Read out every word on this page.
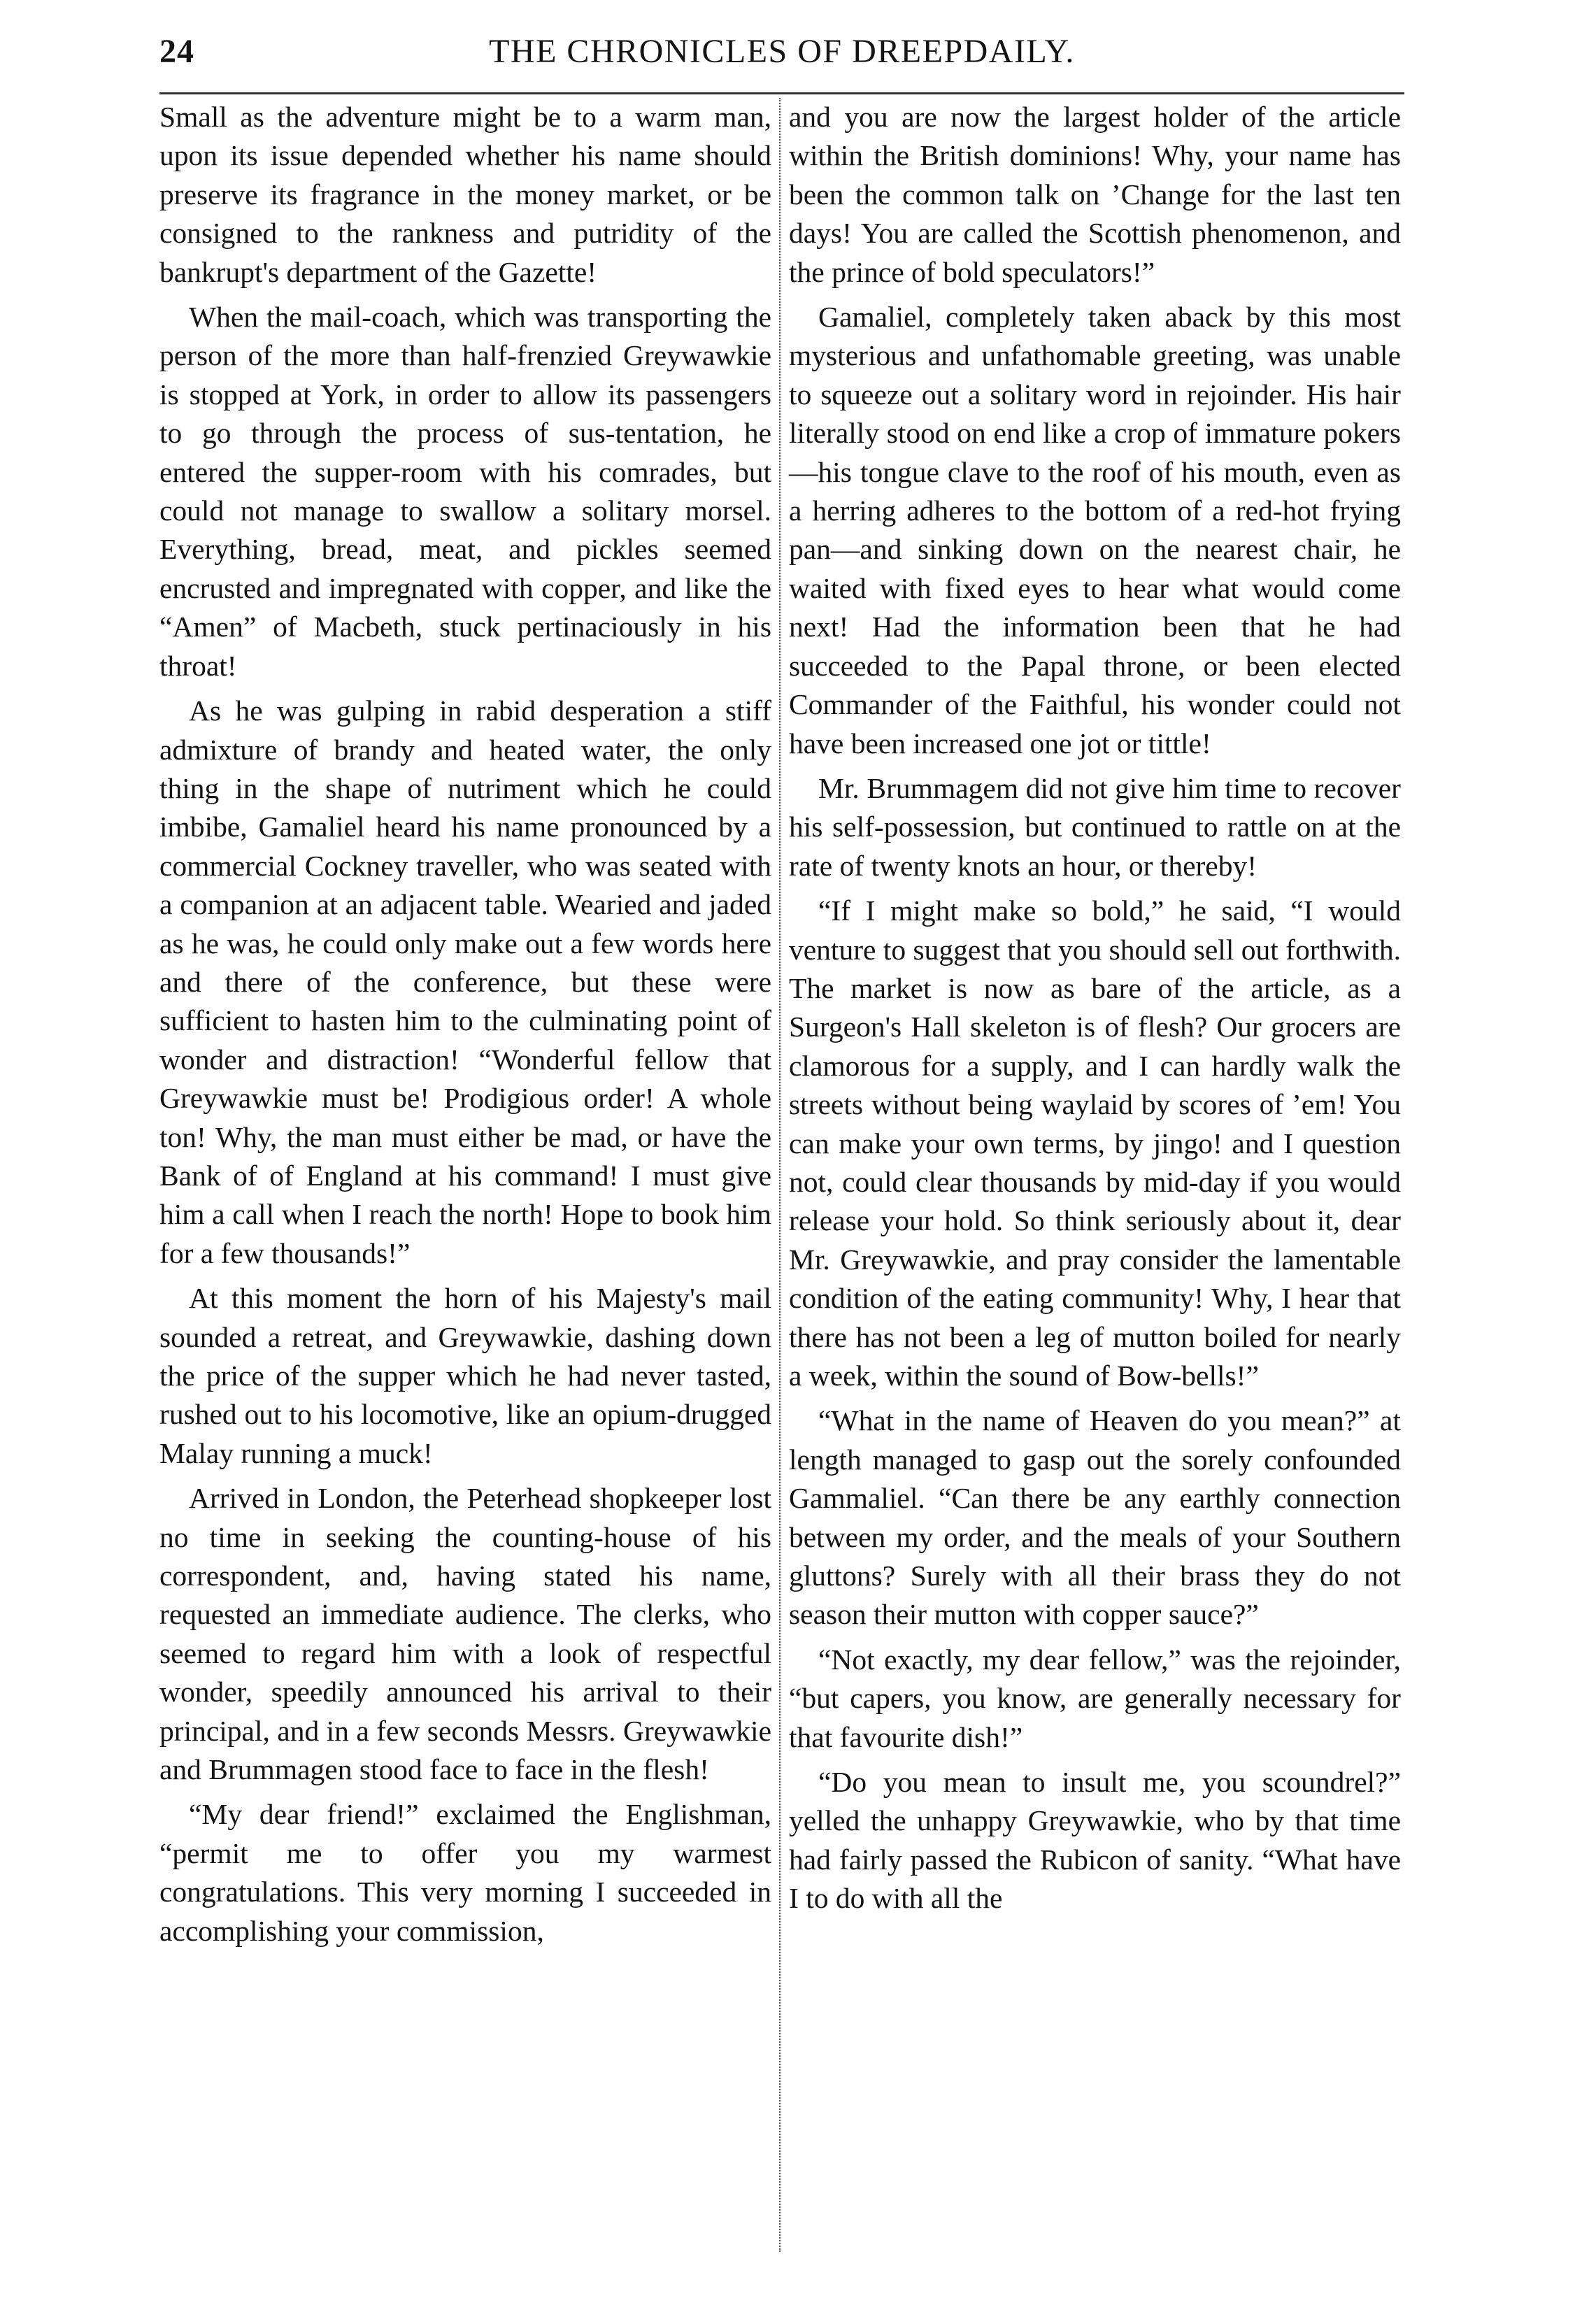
24	THE CHRONICLES OF DREEPDAILY.

Small as the adventure might be to a warm man, upon its issue depended whether his name should preserve its fragrance in the money market, or be consigned to the rankness and putridity of the bankrupt's department of the Gazette!

When the mail-coach, which was transporting the person of the more than half-frenzied Greywawkie is stopped at York, in order to allow its passengers to go through the process of sus-tentation, he entered the supper-room with his comrades, but could not manage to swallow a solitary morsel. Everything, bread, meat, and pickles seemed encrusted and impregnated with copper, and like the “Amen” of Macbeth, stuck pertinaciously in his throat!

As he was gulping in rabid desperation a stiff admixture of brandy and heated water, the only thing in the shape of nutriment which he could imbibe, Gamaliel heard his name pronounced by a commercial Cockney traveller, who was seated with a companion at an adjacent table. Wearied and jaded as he was, he could only make out a few words here and there of the conference, but these were sufficient to hasten him to the culminating point of wonder and distraction! “Wonderful fellow that Greywawkie must be! Prodigious order! A whole ton! Why, the man must either be mad, or have the Bank of of England at his command! I must give him a call when I reach the north! Hope to book him for a few thousands!”

At this moment the horn of his Majesty's mail sounded a retreat, and Greywawkie, dashing down the price of the supper which he had never tasted, rushed out to his locomotive, like an opium-drugged Malay running a muck!

Arrived in London, the Peterhead shopkeeper lost no time in seeking the counting-house of his correspondent, and, having stated his name, requested an immediate audience. The clerks, who seemed to regard him with a look of respectful wonder, speedily announced his arrival to their principal, and in a few seconds Messrs. Greywawkie and Brummagen stood face to face in the flesh!

“My dear friend!” exclaimed the Englishman, “permit me to offer you my warmest congratulations. This very morning I succeeded in accomplishing your commission,

and you are now the largest holder of the article within the British dominions! Why, your name has been the common talk on ’Change for the last ten days! You are called the Scottish phenomenon, and the prince of bold speculators!”

Gamaliel, completely taken aback by this most mysterious and unfathomable greeting, was unable to squeeze out a solitary word in rejoinder. His hair literally stood on end like a crop of immature pokers—his tongue clave to the roof of his mouth, even as a herring adheres to the bottom of a red-hot frying pan—and sinking down on the nearest chair, he waited with fixed eyes to hear what would come next! Had the information been that he had succeeded to the Papal throne, or been elected Commander of the Faithful, his wonder could not have been increased one jot or tittle!

Mr. Brummagem did not give him time to recover his self-possession, but continued to rattle on at the rate of twenty knots an hour, or thereby!

“If I might make so bold,” he said, “I would venture to suggest that you should sell out forthwith. The market is now as bare of the article, as a Surgeon's Hall skeleton is of flesh? Our grocers are clamorous for a supply, and I can hardly walk the streets without being waylaid by scores of ’em! You can make your own terms, by jingo! and I question not, could clear thousands by mid-day if you would release your hold. So think seriously about it, dear Mr. Greywawkie, and pray consider the lamentable condition of the eating community! Why, I hear that there has not been a leg of mutton boiled for nearly a week, within the sound of Bow-bells!”

“What in the name of Heaven do you mean?” at length managed to gasp out the sorely confounded Gammaliel. “Can there be any earthly connection between my order, and the meals of your Southern gluttons? Surely with all their brass they do not season their mutton with copper sauce?”

“Not exactly, my dear fellow,” was the rejoinder, “but capers, you know, are generally necessary for that favourite dish!”

“Do you mean to insult me, you scoundrel?” yelled the unhappy Greywawkie, who by that time had fairly passed the Rubicon of sanity. “What have I to do with all the
